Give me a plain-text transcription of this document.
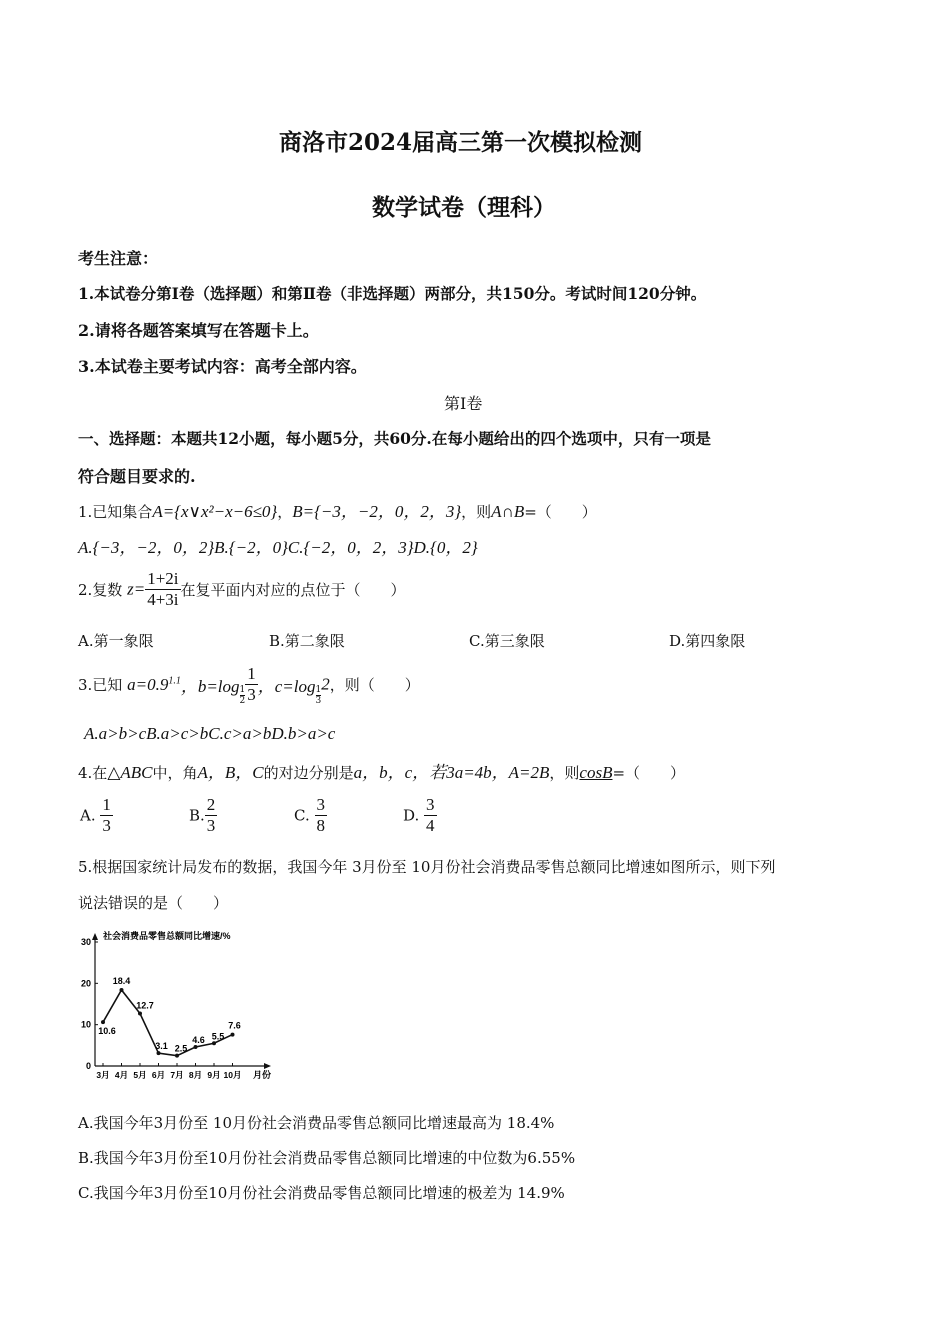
商洛市2024届高三第一次模拟检测
数学试卷（理科）
考生注意：
1.本试卷分第Ⅰ卷（选择题）和第Ⅱ卷（非选择题）两部分，共150分。考试时间120分钟。
2.请将各题答案填写在答题卡上。
3.本试卷主要考试内容：高考全部内容。
第Ⅰ卷
一、选择题：本题共12小题，每小题5分，共60分.在每小题给出的四个选项中，只有一项是
符合题目要求的.
1.已知集合A={x∨x²−x−6≤0}，B={−3，−2，0，2，3}，则A∩B=（　　）
A.{−3，−2，0，2}B.{−2，0}C.{−2，0，2，3}D.{0，2}
2.复数 $z= \frac{1+2i}{4+3i}$ 在复平面内对应的点位于（　　）
A.第一象限	B.第二象限	C.第三象限	D.第四象限
3.已知 $a=0.9^{1.1}$，$b=\log \frac{1}{2} \frac{1}{3}$ ，$c=\log \frac{1}{3}$
2，则（　　）
A.a>b>cB.a>c>bC.c>a>bD.b>a>c
4.在△ABC中，角A，B，C的对边分别是a，b，c，若3a=4b，A=2B，则cosB=（　　）
A. $\frac{1}{3}$	B. $\frac{2}{3}$	C. $\frac{3}{8}$	D. $\frac{3}{4}$
5.根据国家统计局发布的数据，我国今年 3月份至 10月份社会消费品零售总额同比增速如图所示，则下列
说法错误的是（　　）
0
10
20
30
3月 4月 5月 6月 7月 8月 9月 10月
10.6
18.4
12.7
3.1 2.5
4.6 5.5
7.6
社会消费品零售总额同比增速/%
月份
A.我国今年3月份至 10月份社会消费品零售总额同比增速最高为 18.4%
B.我国今年3月份至10月份社会消费品零售总额同比增速的中位数为6.55%
C.我国今年3月份至10月份社会消费品零售总额同比增速的极差为 14.9%
